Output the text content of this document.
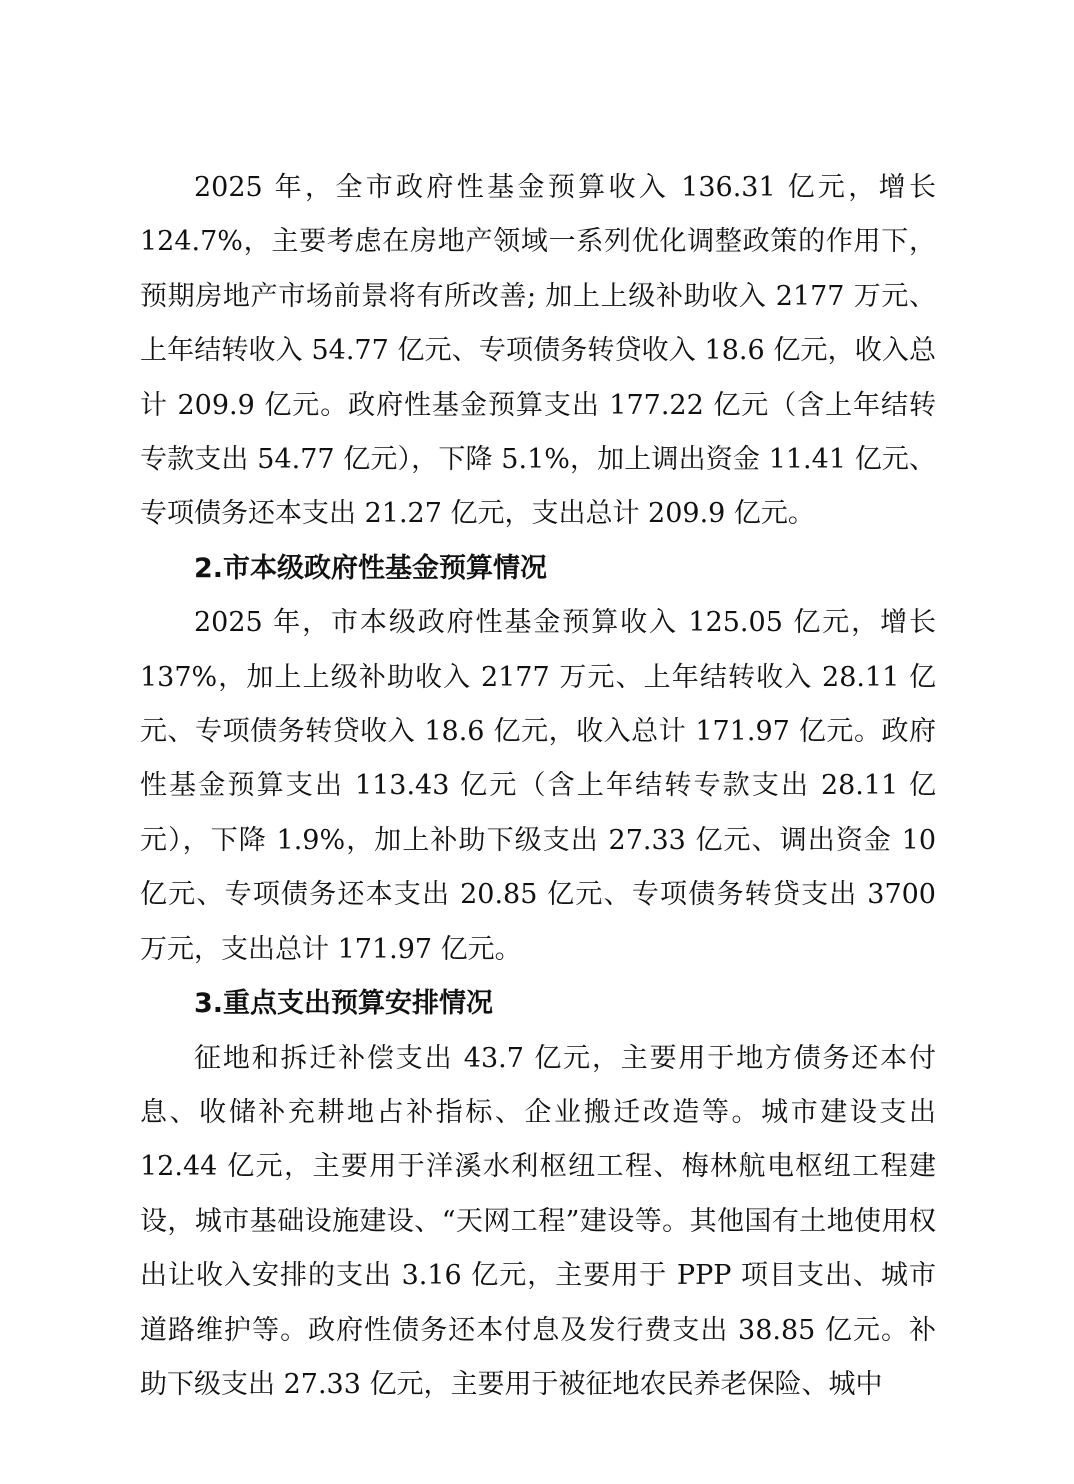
2025 年，全市政府性基金预算收入 136.31 亿元，增长 124.7%，主要考虑在房地产领域一系列优化调整政策的作用下，预期房地产市场前景将有所改善; 加上上级补助收入 2177 万元、上年结转收入 54.77 亿元、专项债务转贷收入 18.6 亿元，收入总计 209.9 亿元。政府性基金预算支出 177.22 亿元（含上年结转专款支出 54.77 亿元），下降 5.1%，加上调出资金 11.41 亿元、专项债务还本支出 21.27 亿元，支出总计 209.9 亿元。

2.市本级政府性基金预算情况

2025 年，市本级政府性基金预算收入 125.05 亿元，增长 137%，加上上级补助收入 2177 万元、上年结转收入 28.11 亿元、专项债务转贷收入 18.6 亿元，收入总计 171.97 亿元。政府性基金预算支出 113.43 亿元（含上年结转专款支出 28.11 亿元），下降 1.9%，加上补助下级支出 27.33 亿元、调出资金 10 亿元、专项债务还本支出 20.85 亿元、专项债务转贷支出 3700 万元，支出总计 171.97 亿元。

3.重点支出预算安排情况

征地和拆迁补偿支出 43.7 亿元，主要用于地方债务还本付息、收储补充耕地占补指标、企业搬迁改造等。城市建设支出 12.44 亿元，主要用于洋溪水利枢纽工程、梅林航电枢纽工程建设，城市基础设施建设、“天网工程”建设等。其他国有土地使用权出让收入安排的支出 3.16 亿元，主要用于 PPP 项目支出、城市道路维护等。政府性债务还本付息及发行费支出 38.85 亿元。补助下级支出 27.33 亿元，主要用于被征地农民养老保险、城中
